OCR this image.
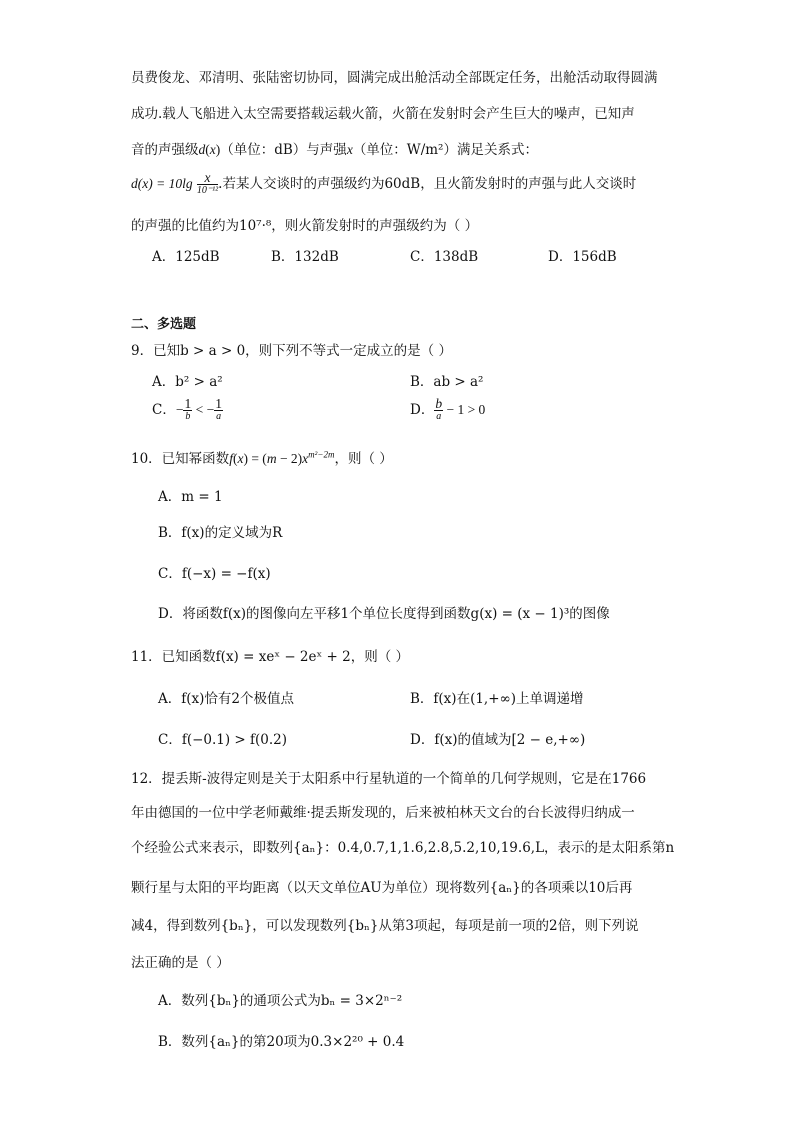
员费俊龙、邓清明、张陆密切协同，圆满完成出舱活动全部既定任务，出舱活动取得圆满
成功.载人飞船进入太空需要搭载运载火箭，火箭在发射时会产生巨大的噪声，已知声
音的声强级d(x)（单位：dB）与声强x（单位：W/m²）满足关系式：
$d(x) = 10\lg \frac{x}{\text{10⁻¹²}}$ .若某人交谈时的声强级约为60dB，且火箭发射时的声强与此人交谈时
的声强的比值约为10⁷·⁸，则火箭发射时的声强级约为（ ）
A．125dB	B．132dB	C．138dB	D．156dB
二、多选题
9．已知b > a > 0，则下列不等式一定成立的是（ ）
A．b² > a²	B．ab > a²
C．− $\frac{1}{b}$ < − $\frac{1}{a}$	D． $\frac{b}{a} - 1 > 0$
10．已知幂函数$f(x) = (m - 2)x^{m^2-2m}$，则（ ）
A．m = 1
B．f(x)的定义域为R
C．f(−x) = −f(x)
D．将函数f(x)的图像向左平移1个单位长度得到函数g(x) = (x − 1)³的图像
11．已知函数f(x) = xeˣ − 2eˣ + 2，则（ ）
A．f(x)恰有2个极值点	B．f(x)在(1,+∞)上单调递增
C．f(−0.1) > f(0.2)	D．f(x)的值域为[2 − e,+∞)
12．提丢斯-波得定则是关于太阳系中行星轨道的一个简单的几何学规则，它是在1766
年由德国的一位中学老师戴维·提丢斯发现的，后来被柏林天文台的台长波得归纳成一
个经验公式来表示，即数列{aₙ}：0.4,0.7,1,1.6,2.8,5.2,10,19.6,L，表示的是太阳系第n
颗行星与太阳的平均距离（以天文单位AU为单位）现将数列{aₙ}的各项乘以10后再
减4，得到数列{bₙ}，可以发现数列{bₙ}从第3项起，每项是前一项的2倍，则下列说
法正确的是（ ）
A．数列{bₙ}的通项公式为bₙ = 3×2ⁿ⁻²
B．数列{aₙ}的第20项为0.3×2²⁰ + 0.4
